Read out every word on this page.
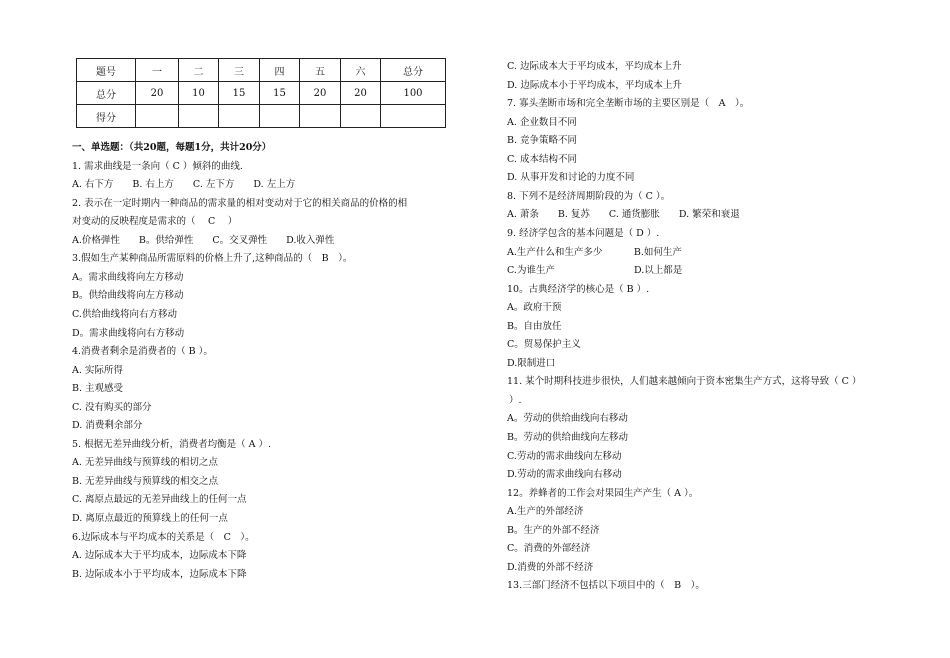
题号	一	二	三	四	五	六	总分
总分	20	10	15	15	20	20	100
得分							
一、单选题：（共20题，每题1分，共计20分）
1. 需求曲线是一条向（ C ）倾斜的曲线.
A. 右下方　　B. 右上方　　C. 左下方　　D. 左上方
2. 表示在一定时期内一种商品的需求量的相对变动对于它的相关商品的价格的相
对变动的反映程度是需求的（　 C　 ）
A.价格弹性　　B。供给弹性　　C。交叉弹性　　D.收入弹性
3.假如生产某种商品所需原料的价格上升了,这种商品的（　B　）。
A。需求曲线将向左方移动
B。供给曲线将向左方移动
C.供给曲线将向右方移动
D。需求曲线将向右方移动
4.消费者剩余是消费者的（ B ）。
A. 实际所得
B. 主观感受
C. 没有购买的部分
D. 消费剩余部分
5. 根据无差异曲线分析，消费者均衡是（ A ）.
A. 无差异曲线与预算线的相切之点
B. 无差异曲线与预算线的相交之点
C. 离原点最远的无差异曲线上的任何一点
D. 离原点最近的预算线上的任何一点
6.边际成本与平均成本的关系是（　C　）。
A. 边际成本大于平均成本，边际成本下降
B. 边际成本小于平均成本，边际成本下降
C. 边际成本大于平均成本，平均成本上升
D. 边际成本小于平均成本，平均成本上升
7. 寡头垄断市场和完全垄断市场的主要区别是（　A　）。
A. 企业数目不同
B. 竞争策略不同
C. 成本结构不同
D. 从事开发和讨论的力度不同
8. 下列不是经济周期阶段的为（ C ）。
A. 萧条　　B. 复苏　　C. 通货膨胀　　D. 繁荣和衰退
9. 经济学包含的基本问题是（ D ）.
A.生产什么和生产多少　　　 B.如何生产
C.为谁生产　　　　　　　　 D.以上都是
10。古典经济学的核心是（ B ）.
A。政府干预
B。自由放任
C。贸易保护主义
D.限制进口
11. 某个时期科技进步很快，人们越来越倾向于资本密集生产方式，这将导致（ C ）
）.
A。劳动的供给曲线向右移动
B。劳动的供给曲线向左移动
C.劳动的需求曲线向左移动
D.劳动的需求曲线向右移动
12。养蜂者的工作会对果园生产产生（ A ）。
A.生产的外部经济
B。生产的外部不经济
C。消费的外部经济
D.消费的外部不经济
13.三部门经济不包括以下项目中的（　B　）。
